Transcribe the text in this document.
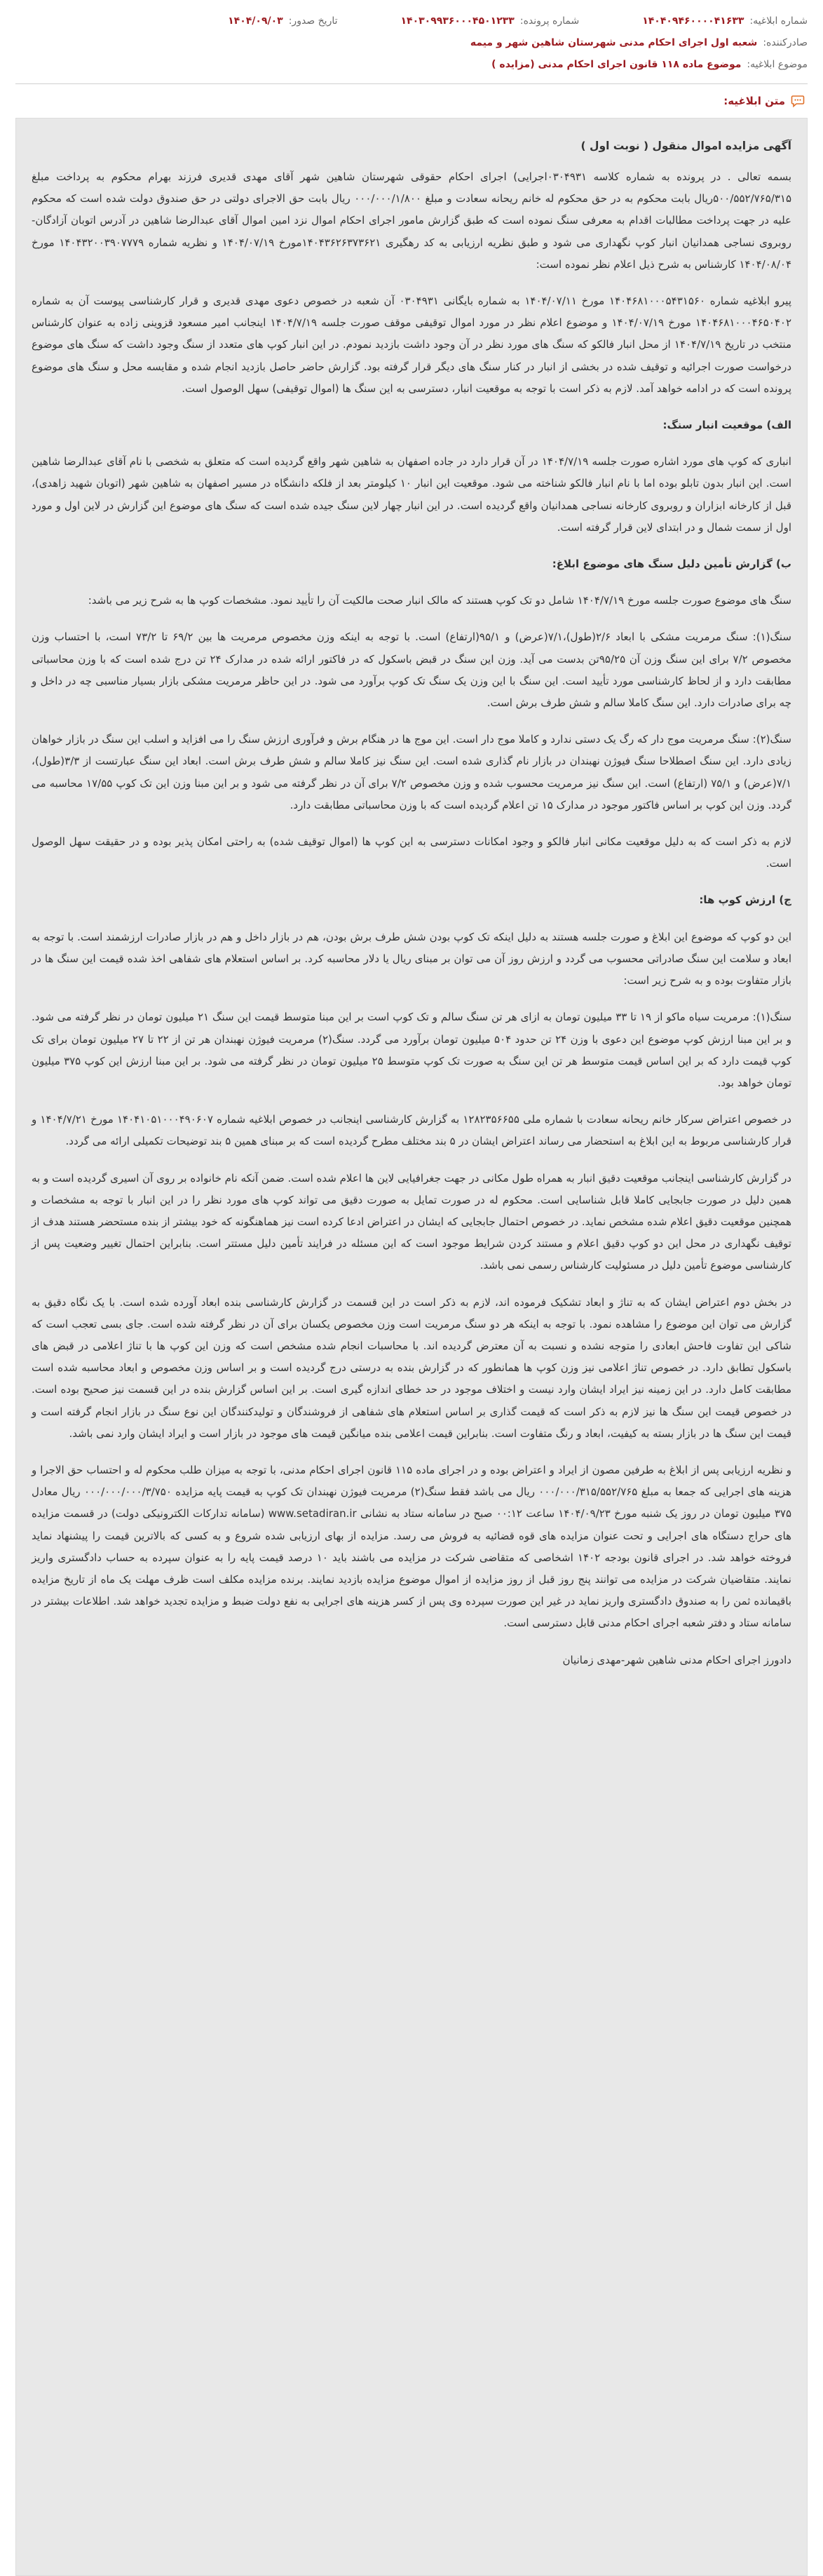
شماره ابلاغیه:
۱۴۰۴۰۹۴۶۰۰۰۰۴۱۶۳۳
شماره پرونده:
۱۴۰۳۰۹۹۳۶۰۰۰۴۵۰۱۲۳۳
تاریخ صدور:
۱۴۰۴/۰۹/۰۳
صادرکننده:
شعبه اول اجرای احکام مدنی شهرستان شاهین شهر و میمه
موضوع ابلاغیه:
موضوع ماده ۱۱۸ قانون اجرای احکام مدنی (مزایده )
متن ابلاغیه:
آگهی مزایده اموال منقول ( نوبت اول )

بسمه تعالی . در پرونده به شماره کلاسه ۰۳۰۴۹۳۱اجرایی) اجرای احکام حقوقی شهرستان شاهین شهر آقای مهدی قدیری فرزند بهرام محکوم به پرداخت مبلغ ۵۰۰/۵۵۲/۷۶۵/۳۱۵ریال بابت محکوم به در حق محکوم له خانم ریحانه سعادت و مبلغ ۰۰۰/۰۰۰/۱/۸۰۰ ریال بابت حق الاجرای دولتی در حق صندوق دولت شده است که محکوم علیه در جهت پرداخت مطالبات اقدام به معرفی سنگ نموده است که طبق گزارش مامور اجرای احکام اموال نزد امین اموال آقای عبدالرضا شاهین در آدرس اتوبان آزادگان-روبروی نساجی همدانیان انبار کوپ نگهداری می شود و طبق نظریه ارزیابی به کد رهگیری ۱۴۰۴۳۶۲۶۳۷۳۶۲۱مورخ ۱۴۰۴/۰۷/۱۹ و نظریه شماره ۱۴۰۴۳۲۰۰۳۹۰۷۷۷۹ مورخ ۱۴۰۴/۰۸/۰۴ کارشناس به شرح ذیل اعلام نظر نموده است:

پیرو ابلاغیه شماره ۱۴۰۴۶۸۱۰۰۰۵۴۳۱۵۶۰ مورخ ۱۴۰۴/۰۷/۱۱ به شماره بایگانی ۰۳۰۴۹۳۱ آن شعبه در خصوص دعوی مهدی قدیری و قرار کارشناسی پیوست آن به شماره ۱۴۰۴۶۸۱۰۰۰۴۶۵۰۴۰۲ مورخ ۱۴۰۴/۰۷/۱۹ و موضوع اعلام نظر در مورد اموال توقیفی موقف صورت جلسه ۱۴۰۴/۷/۱۹ اینجانب امیر مسعود قزوینی زاده به عنوان کارشناس منتخب در تاریخ ۱۴۰۴/۷/۱۹ از محل انبار فالکو که سنگ های مورد نظر در آن وجود داشت بازدید نمودم. در این انبار کوپ های متعدد از سنگ وجود داشت که سنگ های موضوع درخواست صورت اجرائیه و توقیف شده در بخشی از انبار در کنار سنگ های دیگر قرار گرفته بود. گزارش حاضر حاصل بازدید انجام شده و مقایسه محل و سنگ های موضوع پرونده است که در ادامه خواهد آمد. لازم به ذکر است با توجه به موقعیت انبار، دسترسی به این سنگ ها (اموال توقیفی) سهل الوصول است.

الف) موقعیت انبار سنگ:

انباری که کوپ های مورد اشاره صورت جلسه ۱۴۰۴/۷/۱۹ در آن قرار دارد در جاده اصفهان به شاهین شهر واقع گردیده است که متعلق به شخصی با نام آقای عبدالرضا شاهین است. این انبار بدون تابلو بوده اما با نام انبار فالکو شناخته می شود. موقعیت این انبار ۱۰ کیلومتر بعد از فلکه دانشگاه در مسیر اصفهان به شاهین شهر (اتوبان شهید زاهدی)، قبل از کارخانه ابزاران و روبروی کارخانه نساجی همدانیان واقع گردیده است. در این انبار چهار لاین سنگ جیده شده است که سنگ های موضوع این گزارش در لاین اول و مورد اول از سمت شمال و در ابتدای لاین قرار گرفته است.

ب) گزارش تأمین دلیل سنگ های موضوع ابلاغ:

سنگ های موضوع صورت جلسه مورخ ۱۴۰۴/۷/۱۹ شامل دو تک کوپ هستند که مالک انبار صحت مالکیت آن را تأیید نمود. مشخصات کوپ ها به شرح زیر می باشد:

سنگ(۱): سنگ مرمریت مشکی با ابعاد ۲/۶(طول)،۷/۱(عرض) و ۹۵/۱(ارتفاع) است. با توجه به اینکه وزن مخصوص مرمریت ها بین ۶۹/۲ تا ۷۳/۲ است، با احتساب وزن مخصوص ۷/۲ برای این سنگ وزن آن ۹۵/۲۵تن بدست می آید. وزن این سنگ در قبض باسکول که در فاکتور ارائه شده در مدارک ۲۴ تن درج شده است که با وزن محاسباتی مطابقت دارد و از لحاظ کارشناسی مورد تأیید است. این سنگ با این وزن یک سنگ تک کوپ برآورد می شود. در این حاظر مرمریت مشکی بازار بسیار مناسبی چه در داخل و چه برای صادرات دارد. این سنگ کاملا سالم و شش طرف برش است.

سنگ(۲): سنگ مرمریت موج دار که رگ یک دستی ندارد و کاملا موج دار است. این موج ها در هنگام برش و فرآوری ارزش سنگ را می افزاید و اسلب این سنگ در بازار خواهان زیادی دارد. این سنگ اصطلاحا سنگ فیوژن نهبندان در بازار نام گذاری شده است. این سنگ نیز کاملا سالم و شش طرف برش است. ابعاد این سنگ عبارتست از ۳/۳(طول)، ۷/۱(عرض) و ۷۵/۱ (ارتفاع) است. این سنگ نیز مرمریت محسوب شده و وزن مخصوص ۷/۲ برای آن در نظر گرفته می شود و بر این مبنا وزن این تک کوپ ۱۷/۵۵ محاسبه می گردد. وزن این کوپ بر اساس فاکتور موجود در مدارک ۱۵ تن اعلام گردیده است که با وزن محاسباتی مطابقت دارد.

لازم به ذکر است که به دلیل موقعیت مکانی انبار فالکو و وجود امکانات دسترسی به این کوپ ها (اموال توقیف شده) به راحتی امکان پذیر بوده و در حقیقت سهل الوصول است.

ج) ارزش کوپ ها:

این دو کوپ که موضوع این ابلاغ و صورت جلسه هستند به دلیل اینکه تک کوپ بودن شش طرف برش بودن، هم در بازار داخل و هم در بازار صادرات ارزشمند است. با توجه به ابعاد و سلامت این سنگ صادراتی محسوب می گردد و ارزش روز آن می توان بر مبنای ریال یا دلار محاسبه کرد. بر اساس استعلام های شفاهی اخذ شده قیمت این سنگ ها در بازار متفاوت بوده و به شرح زیر است:

سنگ(۱): مرمریت سیاه ماکو از ۱۹ تا ۳۳ میلیون تومان به ازای هر تن سنگ سالم و تک کوپ است بر این مبنا متوسط قیمت این سنگ ۲۱ میلیون تومان در نظر گرفته می شود. و بر این مبنا ارزش کوپ موضوع این دعوی با وزن ۲۴ تن حدود ۵۰۴ میلیون تومان برآورد می گردد. سنگ(۲) مرمریت فیوژن نهبندان هر تن از ۲۲ تا ۲۷ میلیون تومان برای تک کوپ قیمت دارد که بر این اساس قیمت متوسط هر تن این سنگ به صورت تک کوپ متوسط ۲۵ میلیون تومان در نظر گرفته می شود. بر این مبنا ارزش این کوپ ۳۷۵ میلیون تومان خواهد بود.

در خصوص اعتراض سرکار خانم ریحانه سعادت با شماره ملی ۱۲۸۲۳۵۶۶۵۵ به گزارش کارشناسی اینجانب در خصوص ابلاغیه شماره ۱۴۰۴۱۰۵۱۰۰۰۴۹۰۶۰۷ مورخ ۱۴۰۴/۷/۲۱ و قرار کارشناسی مربوط به این ابلاغ به استحضار می رساند اعتراض ایشان در ۵ بند مختلف مطرح گردیده است که بر مبنای همین ۵ بند توضیحات تکمیلی ارائه می گردد.

در گزارش کارشناسی اینجانب موقعیت دقیق انبار به همراه طول مکانی در جهت جغرافیایی لاین ها اعلام شده است. ضمن آنکه نام خانواده بر روی آن اسیری گردیده است و به همین دلیل در صورت جابجایی کاملا قابل شناسایی است. محکوم له در صورت تمایل به صورت دقیق می تواند کوپ های مورد نظر را در این انبار با توجه به مشخصات و همچنین موقعیت دقیق اعلام شده مشخص نماید. در خصوص احتمال جابجایی که ایشان در اعتراض ادعا کرده است نیز هماهنگونه که خود بیشتر از بنده مستحضر هستند هدف از توقیف نگهداری در محل این دو کوپ دقیق اعلام و مستند کردن شرایط موجود است که این مسئله در فرایند تأمین دلیل مستتر است. بنابراین احتمال تغییر وضعیت پس از کارشناسی موضوع تأمین دلیل در مسئولیت کارشناس رسمی نمی باشد.

در بخش دوم اعتراض ایشان که به تناژ و ابعاد تشکیک فرموده اند، لازم به ذکر است در این قسمت در گزارش کارشناسی بنده ابعاد آورده شده است. با یک نگاه دقیق به گزارش می توان این موضوع را مشاهده نمود. با توجه به اینکه هر دو سنگ مرمریت است وزن مخصوص یکسان برای آن در نظر گرفته شده است. جای بسی تعجب است که شاکی این تفاوت فاحش ابعادی را متوجه نشده و نسبت به آن معترض گردیده اند. با محاسبات انجام شده مشخص است که وزن این کوپ ها با تناژ اعلامی در قبض های باسکول تطابق دارد. در خصوص تناژ اعلامی نیز وزن کوپ ها همانطور که در گزارش بنده به درستی درج گردیده است و بر اساس وزن مخصوص و ابعاد محاسبه شده است مطابقت کامل دارد. در این زمینه نیز ایراد ایشان وارد نیست و اختلاف موجود در حد خطای اندازه گیری است. بر این اساس گزارش بنده در این قسمت نیز صحیح بوده است. در خصوص قیمت این سنگ ها نیز لازم به ذکر است که قیمت گذاری بر اساس استعلام های شفاهی از فروشندگان و تولیدکنندگان این نوع سنگ در بازار انجام گرفته است و قیمت این سنگ ها در بازار بسته به کیفیت، ابعاد و رنگ متفاوت است. بنابراین قیمت اعلامی بنده میانگین قیمت های موجود در بازار است و ایراد ایشان وارد نمی باشد.

و نظریه ارزیابی پس از ابلاغ به طرفین مصون از ایراد و اعتراض بوده و در اجرای ماده ۱۱۵ قانون اجرای احکام مدنی، با توجه به میزان طلب محکوم له و احتساب حق الاجرا و هزینه های اجرایی که جمعا به مبلغ ۰۰۰/۰۰۰/۳۱۵/۵۵۲/۷۶۵ ریال می باشد فقط سنگ(۲) مرمریت فیوژن نهبندان تک کوپ به قیمت پایه مزایده ۰۰۰/۰۰۰/۰۰۰/۳/۷۵۰ ریال معادل ۳۷۵ میلیون تومان در روز یک شنبه مورخ ۱۴۰۴/۰۹/۲۳ ساعت ۰۰:۱۲ صبح در سامانه ستاد به نشانی www.setadiran.ir (سامانه تدارکات الکترونیکی دولت) در قسمت مزایده های حراج دستگاه های اجرایی و تحت عنوان مزایده های قوه قضائیه به فروش می رسد. مزایده از بهای ارزیابی شده شروع و به کسی که بالاترین قیمت را پیشنهاد نماید فروخته خواهد شد. در اجرای قانون بودجه ۱۴۰۲ اشخاصی که متقاضی شرکت در مزایده می باشند باید ۱۰ درصد قیمت پایه را به عنوان سپرده به حساب دادگستری واریز نمایند. متقاضیان شرکت در مزایده می توانند پنج روز قبل از روز مزایده از اموال موضوع مزایده بازدید نمایند. برنده مزایده مکلف است ظرف مهلت یک ماه از تاریخ مزایده باقیمانده ثمن را به صندوق دادگستری واریز نماید در غیر این صورت سپرده وی پس از کسر هزینه های اجرایی به نفع دولت ضبط و مزایده تجدید خواهد شد. اطلاعات بیشتر در سامانه ستاد و دفتر شعبه اجرای احکام مدنی قابل دسترسی است.

دادورز اجرای احکام مدنی شاهین شهر-مهدی زمانیان
